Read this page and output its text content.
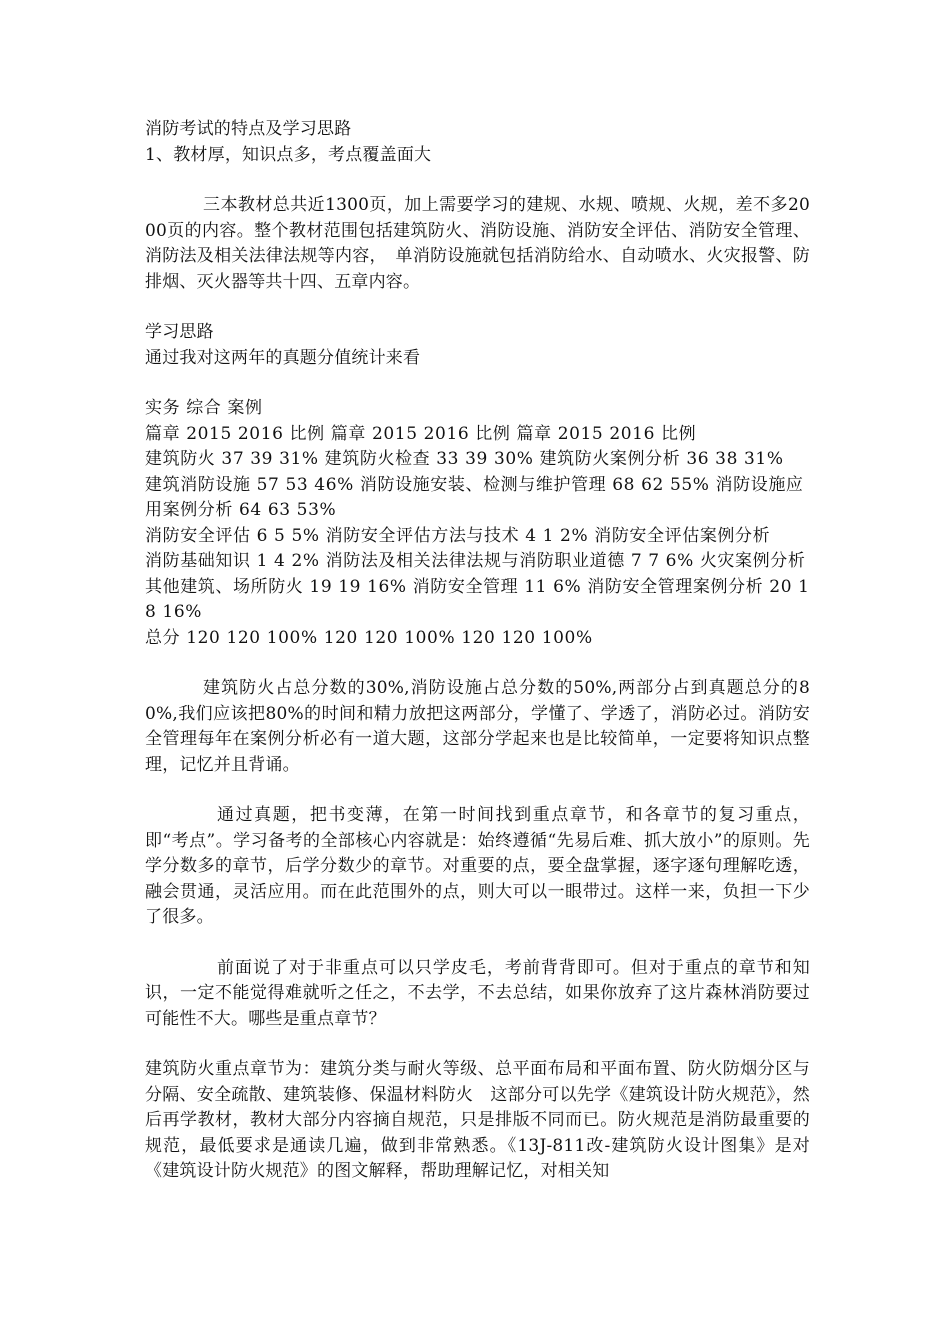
消防考试的特点及学习思路

1、教材厚，知识点多，考点覆盖面大

三本教材总共近1300页，加上需要学习的建规、水规、喷规、火规，差不多2000页的内容。整个教材范围包括建筑防火、消防设施、消防安全评估、消防安全管理、消防法及相关法律法规等内容，　单消防设施就包括消防给水、自动喷水、火灾报警、防排烟、灭火器等共十四、五章内容。

学习思路

通过我对这两年的真题分值统计来看

实务 综合 案例

篇章 2015 2016 比例 篇章 2015 2016 比例 篇章 2015 2016 比例

建筑防火 37 39 31% 建筑防火检查 33 39 30% 建筑防火案例分析 36 38 31%

建筑消防设施 57 53 46% 消防设施安装、检测与维护管理 68 62 55% 消防设施应用案例分析 64 63 53%

消防安全评估 6 5 5% 消防安全评估方法与技术 4 1 2% 消防安全评估案例分析

消防基础知识 1 4 2% 消防法及相关法律法规与消防职业道德 7 7 6% 火灾案例分析

其他建筑、场所防火 19 19 16% 消防安全管理 11 6% 消防安全管理案例分析 20 18 16%

总分 120 120 100% 120 120 100% 120 120 100%

建筑防火占总分数的30%,消防设施占总分数的50%,两部分占到真题总分的80%,我们应该把80%的时间和精力放把这两部分，学懂了、学透了，消防必过。消防安全管理每年在案例分析必有一道大题，这部分学起来也是比较简单，一定要将知识点整理，记忆并且背诵。

通过真题，把书变薄，在第一时间找到重点章节，和各章节的复习重点，即“考点”。学习备考的全部核心内容就是：始终遵循“先易后难、抓大放小”的原则。先学分数多的章节，后学分数少的章节。对重要的点，要全盘掌握，逐字逐句理解吃透，融会贯通，灵活应用。而在此范围外的点，则大可以一眼带过。这样一来，负担一下少了很多。

前面说了对于非重点可以只学皮毛，考前背背即可。但对于重点的章节和知识，一定不能觉得难就听之任之，不去学，不去总结，如果你放弃了这片森林消防要过可能性不大。哪些是重点章节？

建筑防火重点章节为：建筑分类与耐火等级、总平面布局和平面布置、防火防烟分区与分隔、安全疏散、建筑装修、保温材料防火　这部分可以先学《建筑设计防火规范》，然后再学教材，教材大部分内容摘自规范，只是排版不同而已。防火规范是消防最重要的规范，最低要求是通读几遍，做到非常熟悉。《13J-811改-建筑防火设计图集》是对《建筑设计防火规范》的图文解释，帮助理解记忆，对相关知
